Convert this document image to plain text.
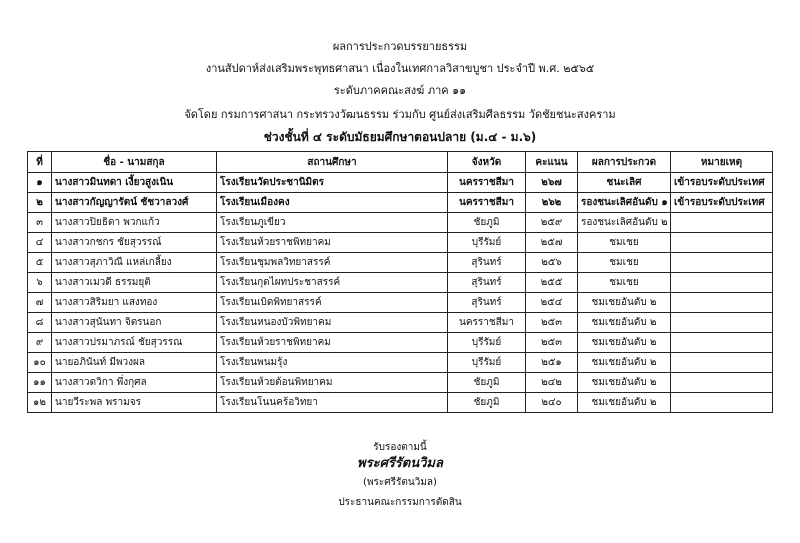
ผลการประกวดบรรยายธรรม
งานสัปดาห์ส่งเสริมพระพุทธศาสนา เนื่องในเทศกาลวิสาขบูชา ประจำปี พ.ศ. ๒๕๖๕
ระดับภาคคณะสงฆ์ ภาค ๑๑
จัดโดย กรมการศาสนา กระทรวงวัฒนธรรม ร่วมกับ ศูนย์ส่งเสริมศีลธรรม วัดชัยชนะสงคราม
ช่วงชั้นที่ ๔ ระดับมัธยมศึกษาตอนปลาย (ม.๔ - ม.๖)
ที่	ชื่อ - นามสกุล	สถานศึกษา	จังหวัด	คะแนน	ผลการประกวด	หมายเหตุ
๑	นางสาวมินทดา เงี้ยวสูงเนิน	โรงเรียนวัดประชานิมิตร	นครราชสีมา	๒๖๗	ชนะเลิศ	เข้ารอบระดับประเทศ
๒	นางสาวกัญญารัตน์ ชัชวาลวงศ์	โรงเรียนเมืองคง	นครราชสีมา	๒๖๒	รองชนะเลิศอันดับ ๑	เข้ารอบระดับประเทศ
๓	นางสาวปิยธิดา พวกแก้ว	โรงเรียนภูเขียว	ชัยภูมิ	๒๕๙	รองชนะเลิศอันดับ ๒	
๔	นางสาวกชกร ชัยสุวรรณ์	โรงเรียนห้วยราชพิทยาคม	บุรีรัมย์	๒๕๗	ชมเชย	
๕	นางสาวสุภาวิณี แหล่เกลี้ยง	โรงเรียนชุมพลวิทยาสรรค์	สุรินทร์	๒๕๖	ชมเชย	
๖	นางสาวเมวดี ธรรมยุติ	โรงเรียนกุดไผทประชาสรรค์	สุรินทร์	๒๕๕	ชมเชย	
๗	นางสาวสิริมยา แสงทอง	โรงเรียนเบิดพิทยาสรรค์	สุรินทร์	๒๕๔	ชมเชยอันดับ ๒	
๘	นางสาวสุนันทา จิตรนอก	โรงเรียนหนองบัวพิทยาคม	นครราชสีมา	๒๕๓	ชมเชยอันดับ ๒	
๙	นางสาวปรมาภรณ์ ชัยสุวรรณ	โรงเรียนห้วยราชพิทยาคม	บุรีรัมย์	๒๕๓	ชมเชยอันดับ ๒	
๑๐	นายอภินันท์ มีพวงผล	โรงเรียนพนมรุ้ง	บุรีรัมย์	๒๕๑	ชมเชยอันดับ ๒	
๑๑	นางสาวดวิกา พึ่งกุศล	โรงเรียนห้วยต้อนพิทยาคม	ชัยภูมิ	๒๔๒	ชมเชยอันดับ ๒	
๑๒	นายวีระพล พรามจร	โรงเรียนโนนคร้อวิทยา	ชัยภูมิ	๒๔๐	ชมเชยอันดับ ๒	
รับรองตามนี้
พระศรีรัตนวิมล
(พระศรีรัตนวิมล)
ประธานคณะกรรมการตัดสิน
